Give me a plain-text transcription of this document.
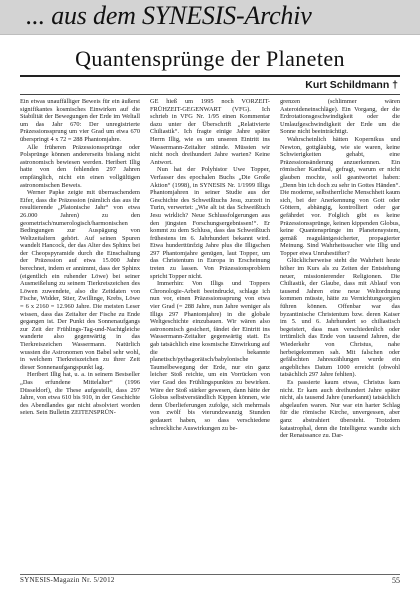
... aus dem SYNESIS-Archiv
Quantensprünge der Planeten
Kurt Schildmann †

Ein etwas unauffälliger Beweis für ein äußerst signifikantes kosmisches Einwirken auf die Stabilität der Bewegungen der Erde im Weltall um das Jahr 670: Der unregistrierte Präzessionssprung um vier Grad um etwa 670 überspringt 4 x 72 = 288 Phantomjahre.

Alle früheren Präzessionssprünge oder Polsprünge können andererseits bislang nicht astronomisch bewiesen werden. Heribert Illig hatte von den fehlenden 297 Jahren empfänglich, nicht ein einen vollgültigen astronomischen Beweis.

Werner Papke zeigte mit überraschendem Eifer, dass die Präzession (nämlich das aus ihr resultierende „Platonische Jahr“ von etwa 26.000 Jahren) zu den geometrisch/numerologisch/harmonischen Bedingungen zur Auspägung von Weltzeitaltern gehört. Auf seinen Spuren wandelt Hancock, der das Alter des Sphinx bei der Cheopspyramide durch die Einschaltung der Präzession auf etwa 15.000 Jahre berechnet, indem er annimmt, dass der Sphinx (eigentlich ein ruhender Löwe) bei seiner Ausmeißelung zu seinem Tierkreiszeichen des Löwen zuwendete, also die Zeitdaten von Fische, Widder, Stier, Zwillinge, Krebs, Löwe = 6 x 2160 = 12.960 Jahre. Die meisten Leser wissen, dass das Zeitalter der Fische zu Ende gegangen ist. Der Punkt des Sonnenaufgangs zur Zeit der Frühlings-Tag-und-Nachtgleiche wanderte also gegenwärtig in das Tierkreiszeichen Wassermann. Natürlich wussten die Astronomen von Babel sehr wohl, in welchem Tierkreiszeichen zu ihrer Zeit dieser Sonnenaufgangspunkt lag.

Heribert Illig hat, u. a. in seinem Bestseller „Das erfundene Mittelalter“ (1996 Düsseldorf), die These aufgestellt, dass 297 Jahre, von etwa 610 bis 910, in der Geschichte des Abendlandes gar nicht absolviert worden seien. Sein Bulletin ZEITENSPRÜN-

GE hieß um 1995 noch VORZEIT-FRÜHZEIT-GEGENWART (VFG). Ich schrieb in VFG Nr. 1/95 einen Kommentar dazu unter der Überschrift „Relativierte Chiliastik“. Ich fragte einige Jahre später Herrn Illig, wie es um unseren Eintritt ins Wassermann-Zeitalter stünde. Müssten wir nicht noch dreihundert Jahre warten? Keine Antwort.

Nun hat der Polyhistor Uwe Topper, Verfasser des epochalen Buchs „Die Große Aktion“ (1998), in SYNESIS Nr. 1/1999 Illigs Phantomjahren in seiner Studie aus der Geschichte des Schweißtuchs Jesu, zurzeit in Turin, verwertet: „Wie alt ist das Schweißtuch Jesu wirklich? Neue Schlussfolgerungen aus den jüngsten Forschungsergebnissen!“. Er kommt zu dem Schluss, dass das Schweißtuch frühestens im 6. Jahrhundert bekannt wird. Etwa hunderttünfzig Jahre plus die Illigschen 297 Phantomjahre genügen, laut Topper, um das Christentum in Europa in Erscheinung treten zu lassen. Von Präzessionsproblem spricht Topper nicht.

Immerhin: Von Illigs und Toppers Chronologie-Arbeit beeindruckt, schlage ich nun vor, einen Präzessionssprung von etwa vier Grad (= 288 Jahre, nun Jahre weniger als Illigs 297 Phantomjahre) in die globale Weltgeschichte einzubauen. Wir wären also astronomisch gesichert, fändet der Eintritt ins Wassermann-Zeitalter gegenwärtig statt. Es gab tatsächlich eine kosmische Einwirkung auf die bekannte planetisch/pythagoräisch/babylonische Taumelbewegung der Erde, nur ein ganz leicher Stoß reichte, um ein Vorrücken von vier Grad des Frühlingspunktes zu bewirken. Wäre der Stoß stärker gewesen, dann hätte der Globus selbstverständlich Kippen können, wie denn Überlieferungen zufolge, sich mehrmals von zwölf bis vierundzwanzig Stunden gedauert haben, so dass verschiedene schreckliche Auswirkungen zu be-

grenzen (schlimmer wären Asteroideneinschläge). Ein Vorgang, der die Erdrotationsgeschwindigkeit oder die Umlaufgeschwindigkeit der Erde um die Sonne nicht beeinträchtigt.

Wahrscheinlich hätten Kopernikus und Newton, gottgläubig, wie sie waren, keine Schwierigkeiten gehabt, eine Präzessionsänderung anzuerkennen. Ein römischer Kardinal, gefragt, warum er nicht glauben mochte, soll geantwortet haben: „Denn bin ich doch zu sehr in Gottes Händen“. Die moderne, selbstherrliche Menschheit kaum sich, bei der Anerkennung von Gott oder Göttern, abhängig, kontrolliert oder gar gefährdet vor. Folglich gibt es keine Präzessionssprünge, keinen kippenden Globus, keine Quantensprünge im Planetensystem, gemäß reaguläntgesicherter, propagierter Meinung. Sind Wahrheitssucher wie Illig und Topper etwa Unruhestifter?

Glücklicherweise steht die Wahrheit heute höher im Kurs als zu Zeiten der Entstehung neuer, missionierender Religionen. Die Chiliastik, der Glaube, dass mit Ablauf von tausend Jahren eine neue Weltordnung kommen müsste, hätte zu Vernichtungsorgien führen können. Offenbar war das byzantinische Christentum bzw. deren Kaiser im 5. und 6. Jahrhundert so chiliastisch begeistert, dass man verschiedenlich oder irrtümlich das Ende von tausend Jahren, die Wiederkehr von Christus, nahe herbeigekommen sah. Mit falschen oder gefälschten Jahreszählungen wurde ein angebliches Datum 1000 erreicht (obwohl tatsächlich 297 Jahre fehlten).

Es passierte kaum etwas, Christus kam nicht. Er kam auch dreihundert Jahre später nicht, als tausend Jahre (unerkannt) tatsächlich abgelaufen waren. Nur war ein harter Schlag für die römische Kirche, unvergessen, aber ganz abstrahiert übersteht. Trotzdem katastrophal, denn die Intelligenz wandte sich der Renaissance zu. Dar-

SYNESIS-Magazin Nr. 5/2012	55
